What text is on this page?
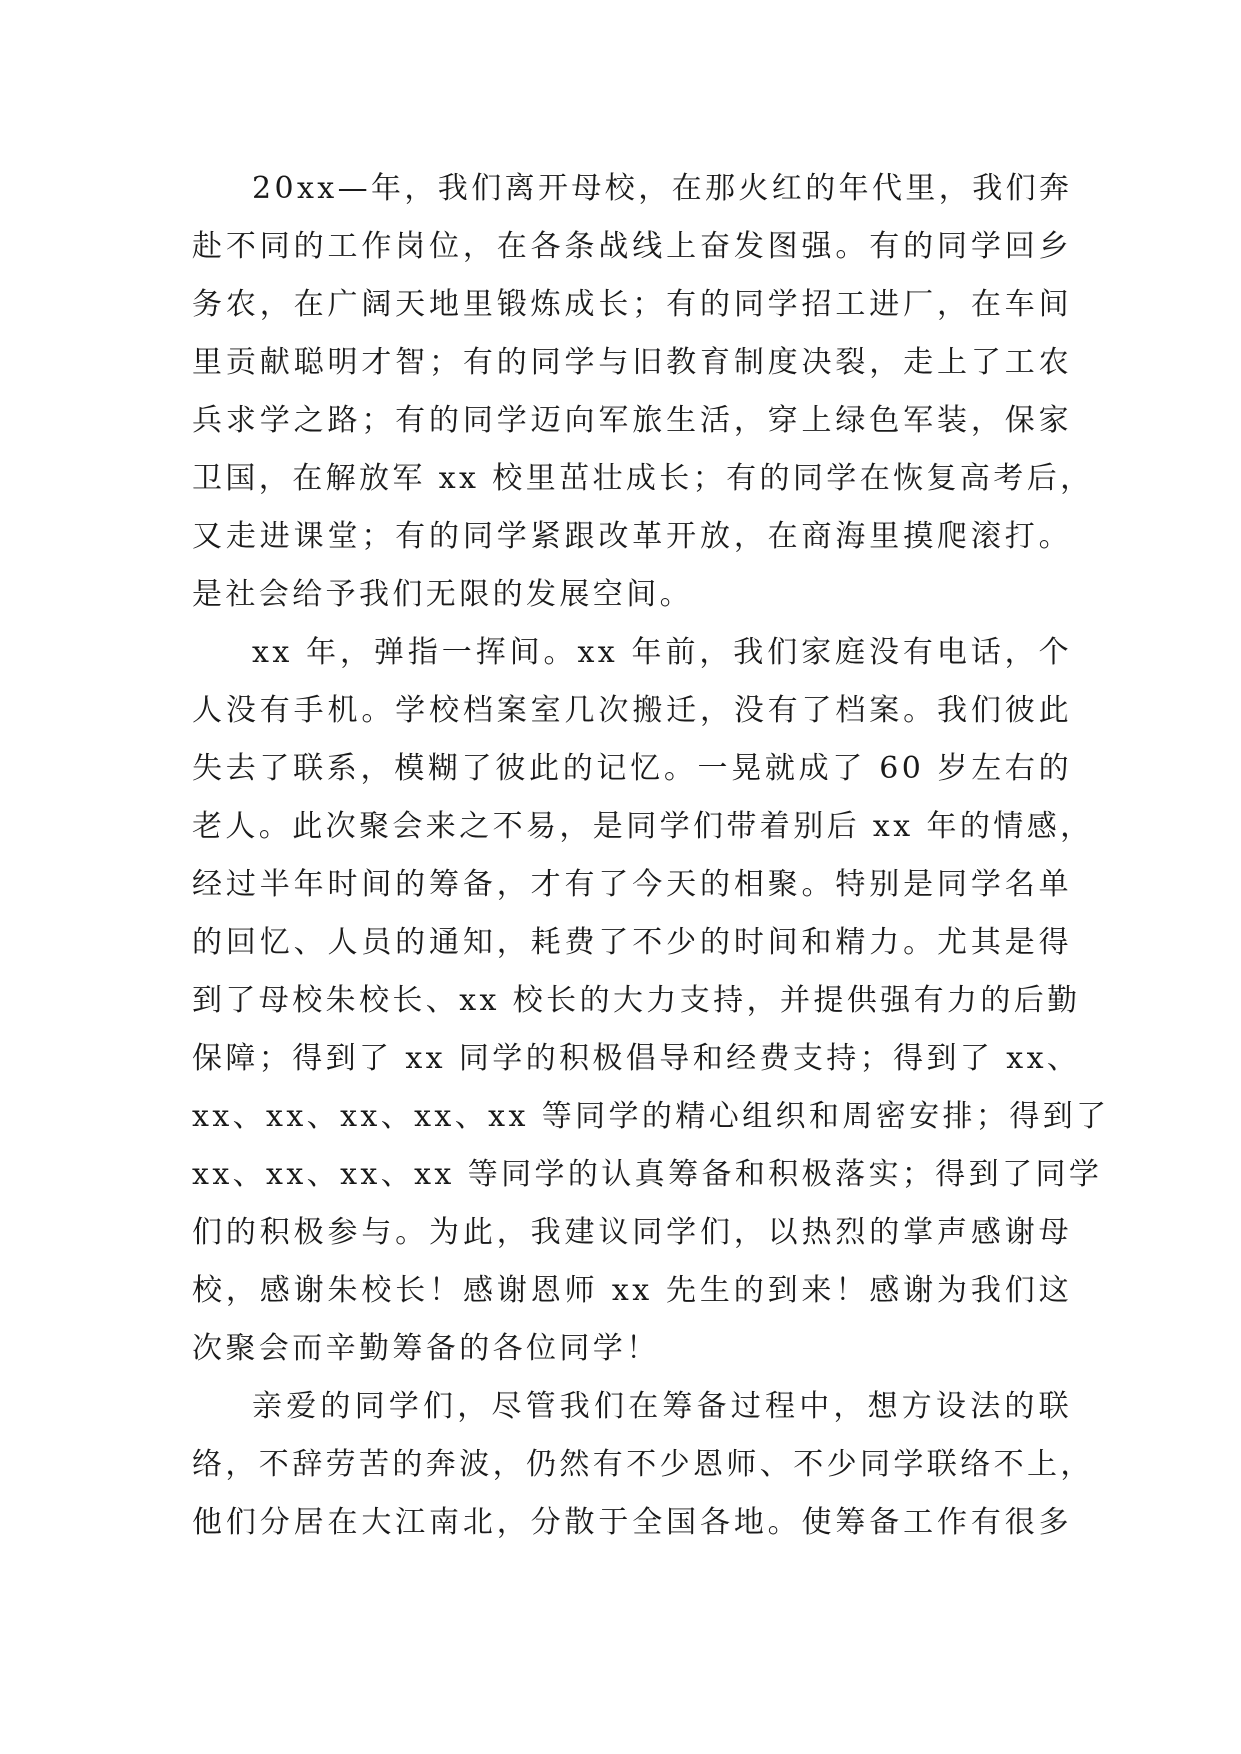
20xx—年，我们离开母校，在那火红的年代里，我们奔
赴不同的工作岗位，在各条战线上奋发图强。有的同学回乡
务农，在广阔天地里锻炼成长；有的同学招工进厂，在车间
里贡献聪明才智；有的同学与旧教育制度决裂，走上了工农
兵求学之路；有的同学迈向军旅生活，穿上绿色军装，保家
卫国，在解放军 xx 校里茁壮成长；有的同学在恢复高考后，
又走进课堂；有的同学紧跟改革开放，在商海里摸爬滚打。
是社会给予我们无限的发展空间。
xx 年，弹指一挥间。xx 年前，我们家庭没有电话，个
人没有手机。学校档案室几次搬迁，没有了档案。我们彼此
失去了联系，模糊了彼此的记忆。一晃就成了 60 岁左右的
老人。此次聚会来之不易，是同学们带着别后 xx 年的情感，
经过半年时间的筹备，才有了今天的相聚。特别是同学名单
的回忆、人员的通知，耗费了不少的时间和精力。尤其是得
到了母校朱校长、xx 校长的大力支持，并提供强有力的后勤
保障；得到了 xx 同学的积极倡导和经费支持；得到了 xx、
xx、xx、xx、xx、xx 等同学的精心组织和周密安排；得到了
xx、xx、xx、xx 等同学的认真筹备和积极落实；得到了同学
们的积极参与。为此，我建议同学们，以热烈的掌声感谢母
校，感谢朱校长！感谢恩师 xx 先生的到来！感谢为我们这
次聚会而辛勤筹备的各位同学！
亲爱的同学们，尽管我们在筹备过程中，想方设法的联
络，不辞劳苦的奔波，仍然有不少恩师、不少同学联络不上，
他们分居在大江南北，分散于全国各地。使筹备工作有很多
